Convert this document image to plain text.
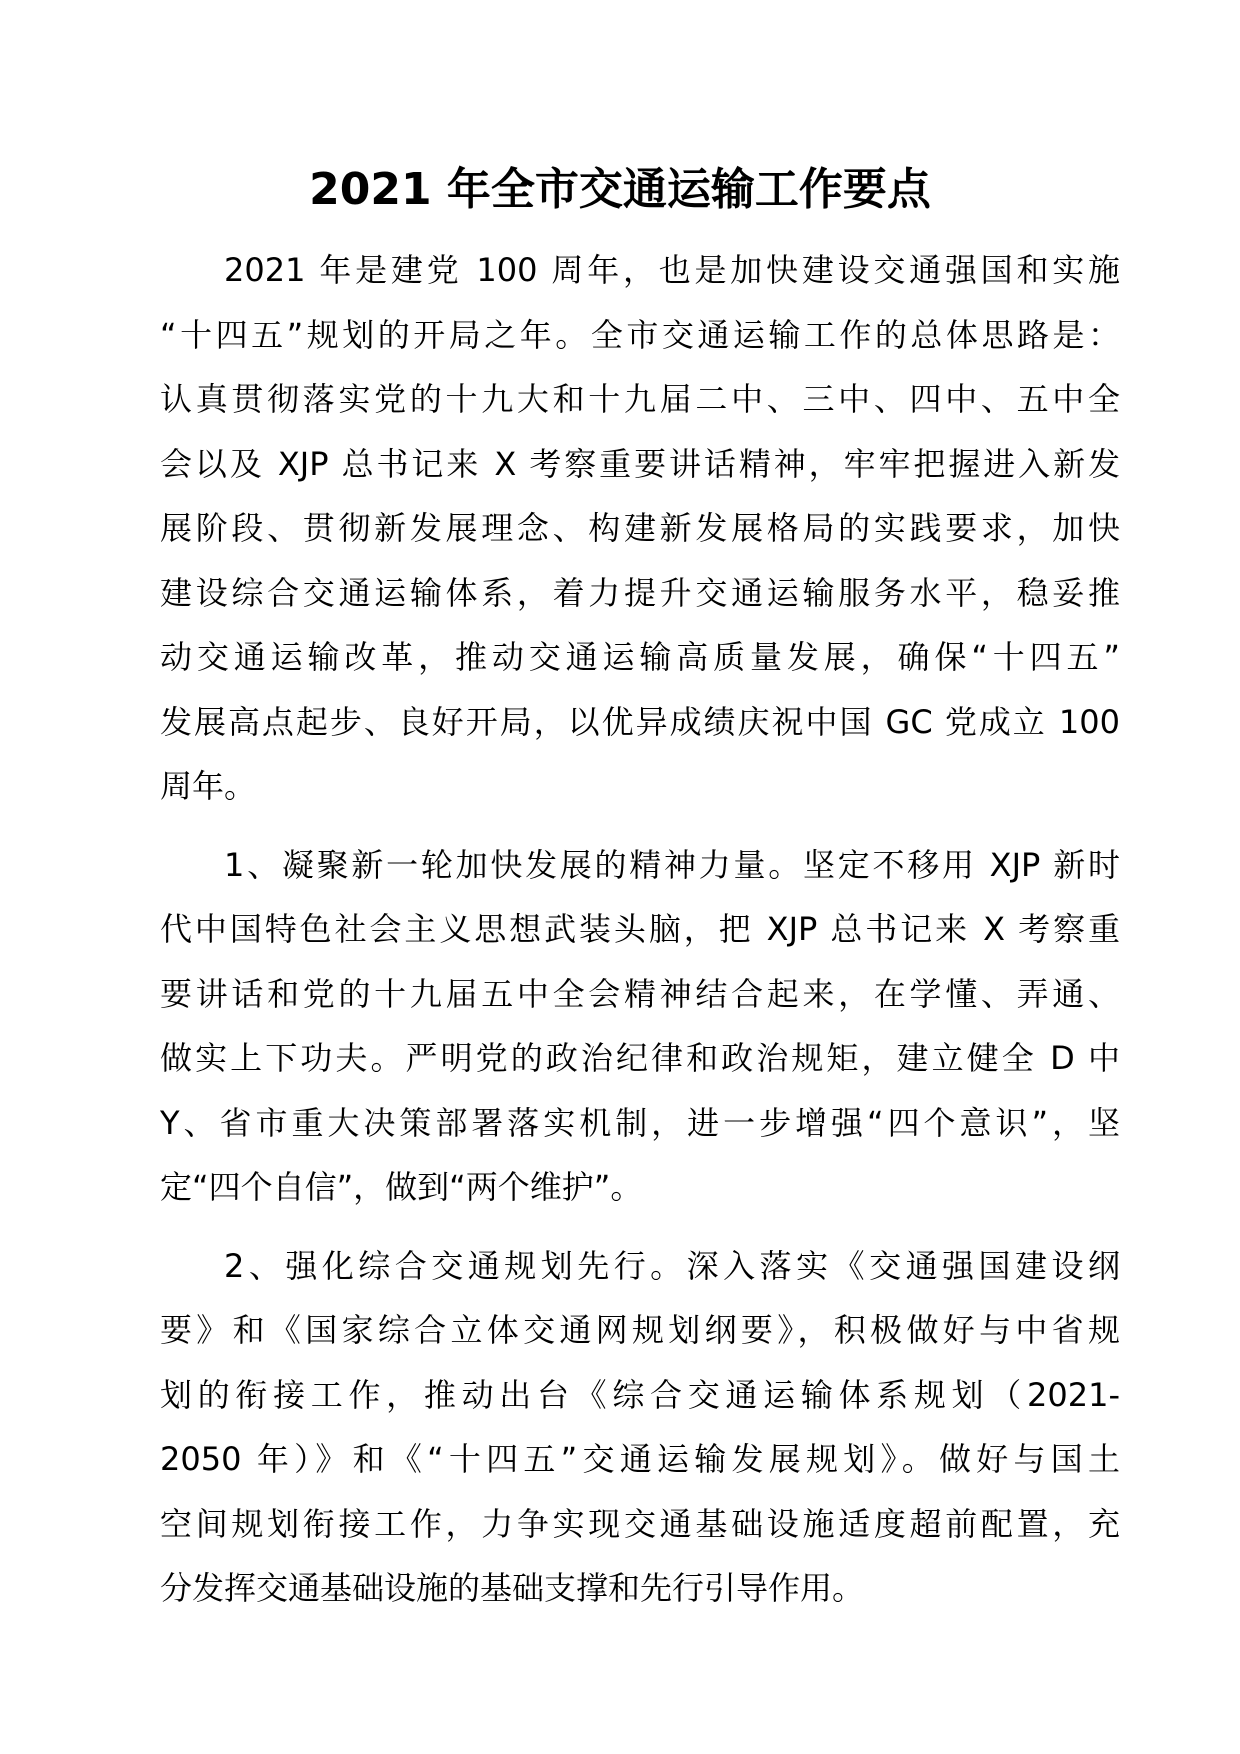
2021 年全市交通运输工作要点
2021 年是建党 100 周年，也是加快建设交通强国和实施
“十四五”规划的开局之年。全市交通运输工作的总体思路是：
认真贯彻落实党的十九大和十九届二中、三中、四中、五中全
会以及 XJP 总书记来 X 考察重要讲话精神，牢牢把握进入新发
展阶段、贯彻新发展理念、构建新发展格局的实践要求，加快
建设综合交通运输体系，着力提升交通运输服务水平，稳妥推
动交通运输改革，推动交通运输高质量发展，确保“十四五”
发展高点起步、良好开局，以优异成绩庆祝中国 GC 党成立 100
周年。
1、凝聚新一轮加快发展的精神力量。坚定不移用 XJP 新时
代中国特色社会主义思想武装头脑，把 XJP 总书记来 X 考察重
要讲话和党的十九届五中全会精神结合起来，在学懂、弄通、
做实上下功夫。严明党的政治纪律和政治规矩，建立健全 D 中
Y、省市重大决策部署落实机制，进一步增强“四个意识”，坚
定“四个自信”，做到“两个维护”。
2、强化综合交通规划先行。深入落实《交通强国建设纲
要》和《国家综合立体交通网规划纲要》，积极做好与中省规
划的衔接工作，推动出台《综合交通运输体系规划（2021-
2050 年）》和《“十四五”交通运输发展规划》。做好与国土
空间规划衔接工作，力争实现交通基础设施适度超前配置，充
分发挥交通基础设施的基础支撑和先行引导作用。
